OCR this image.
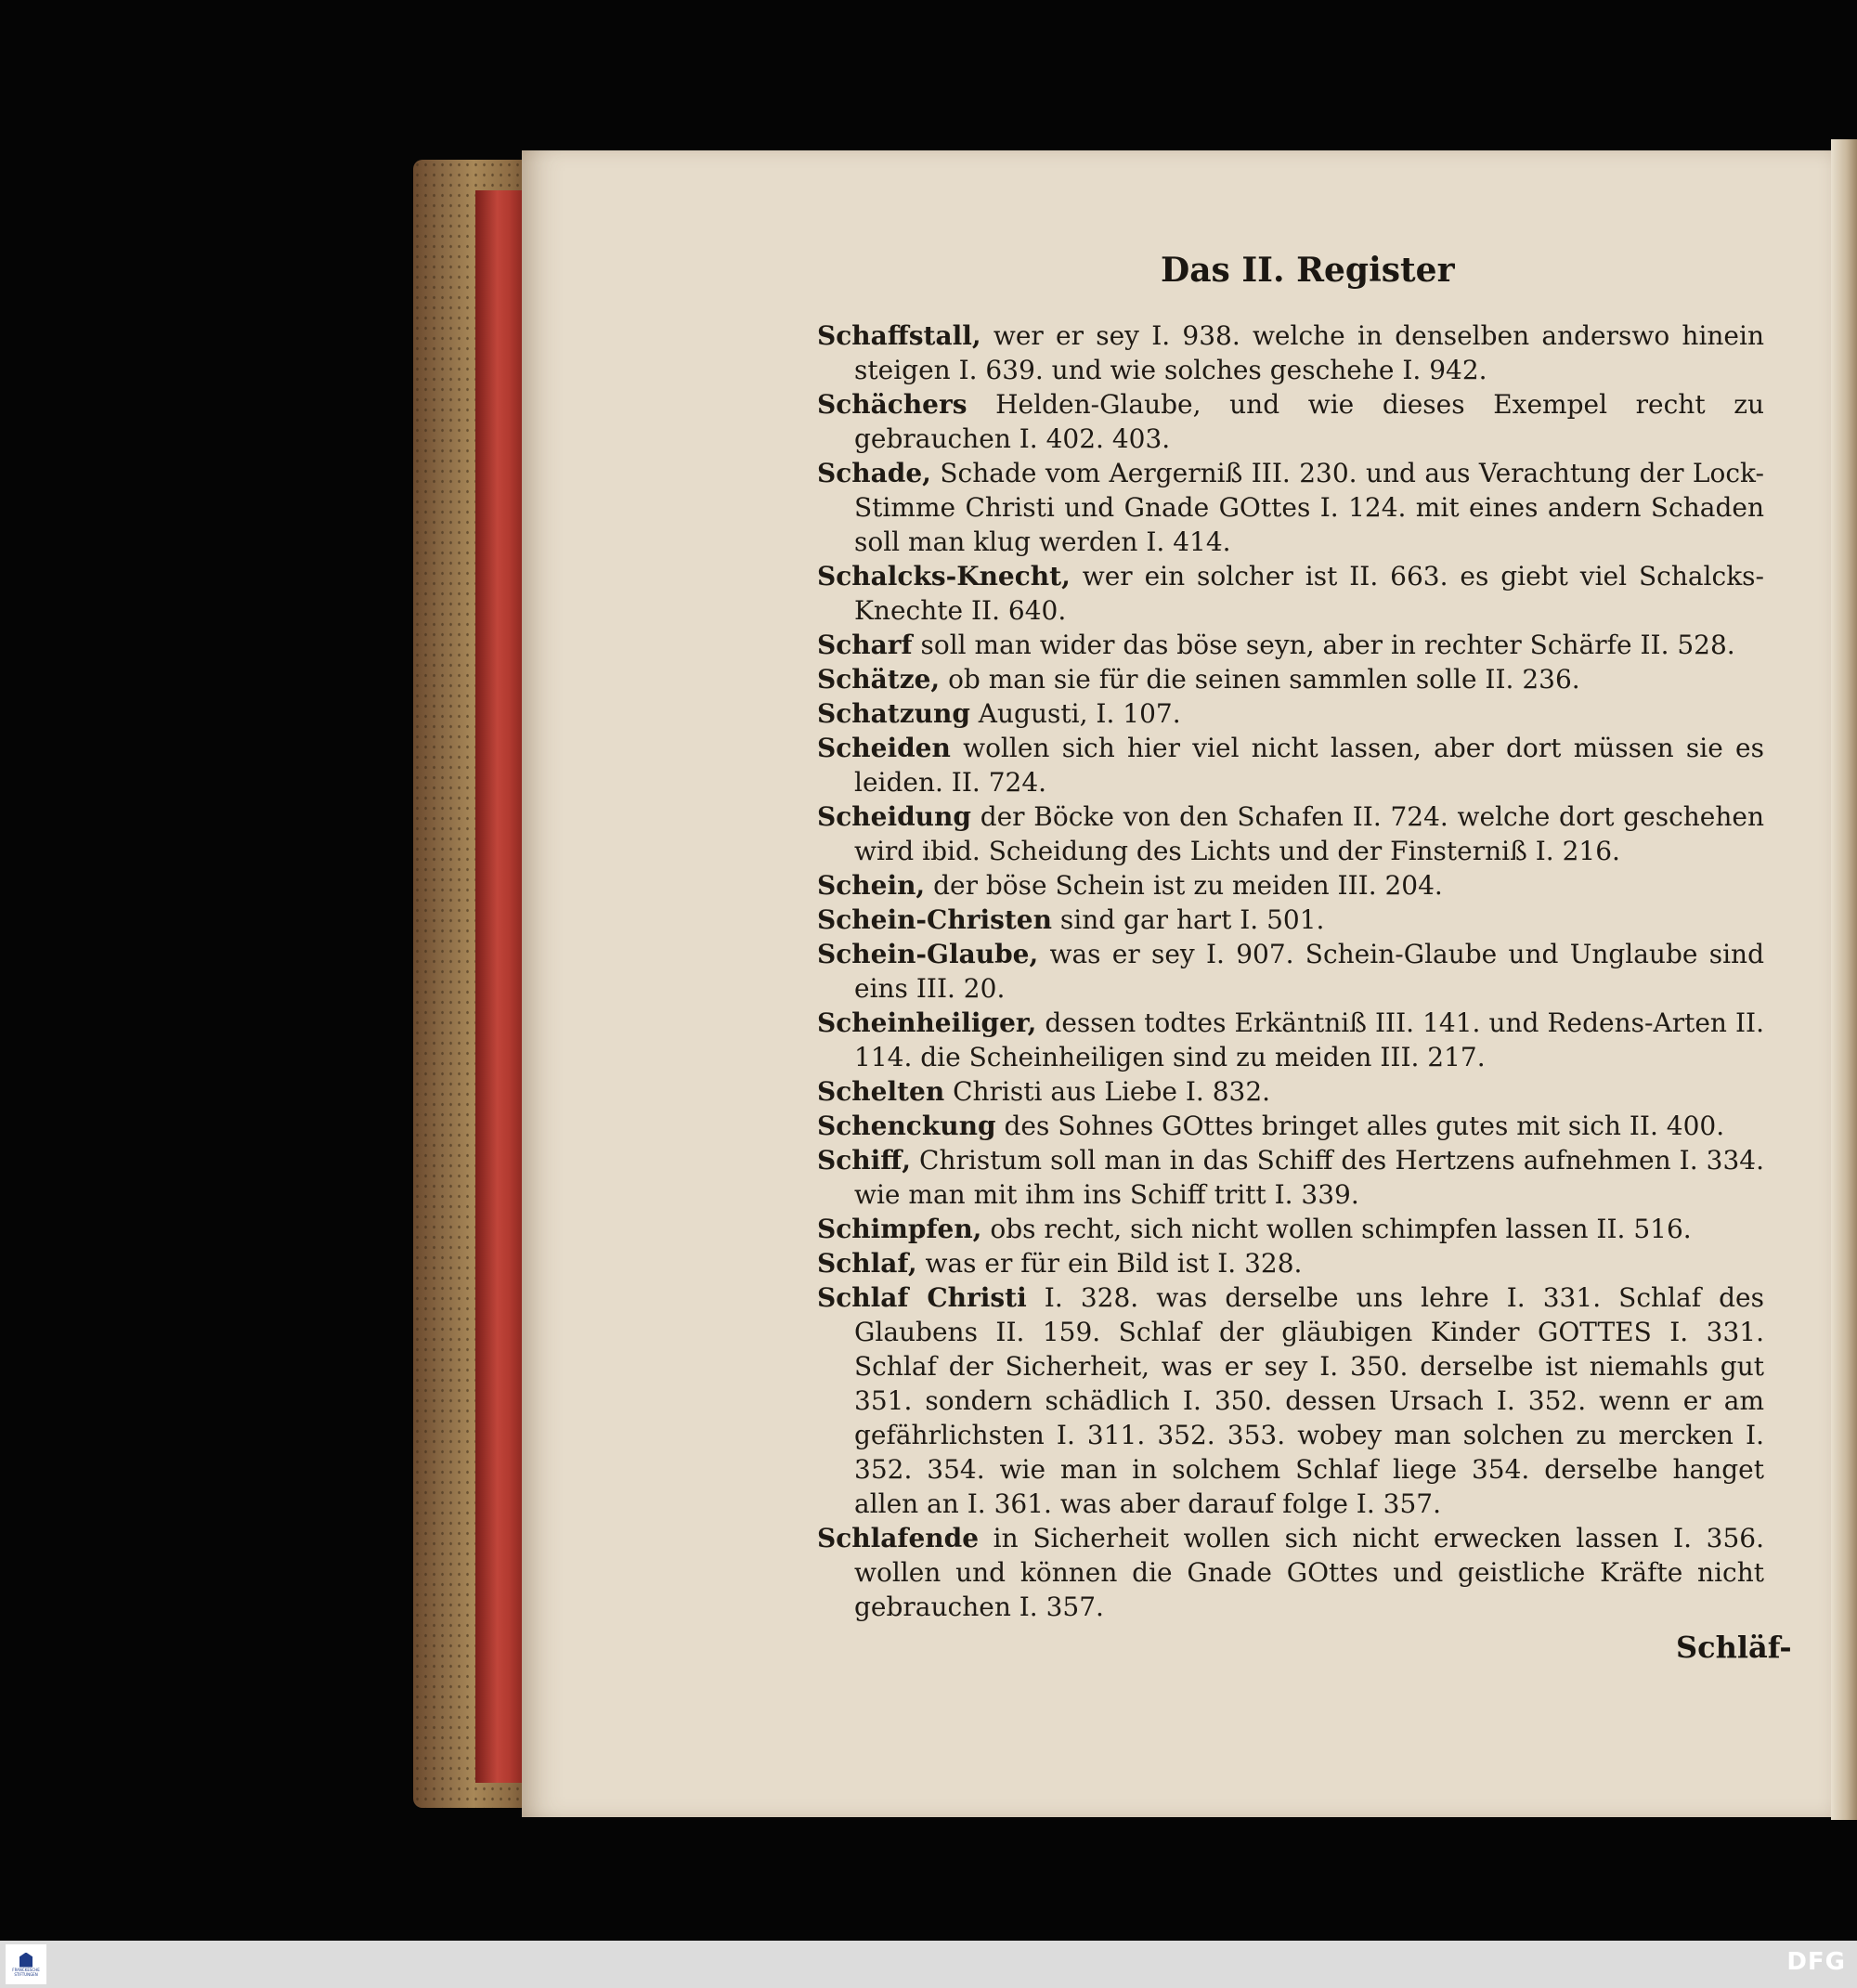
Das II. Register

Schaffstall, wer er sey I. 938. welche in denselben anderswo hinein steigen I. 639. und wie solches geschehe I. 942.

Schächers Helden-Glaube, und wie dieses Exempel recht zu gebrauchen I. 402. 403.

Schade, Schade vom Aergerniß III. 230. und aus Verachtung der Lock-Stimme Christi und Gnade GOttes I. 124. mit eines andern Schaden soll man klug werden I. 414.

Schalcks-Knecht, wer ein solcher ist II. 663. es giebt viel Schalcks-Knechte II. 640.

Scharf soll man wider das böse seyn, aber in rechter Schärfe II. 528.

Schätze, ob man sie für die seinen sammlen solle II. 236.

Schatzung Augusti, I. 107.

Scheiden wollen sich hier viel nicht lassen, aber dort müssen sie es leiden. II. 724.

Scheidung der Böcke von den Schafen II. 724. welche dort geschehen wird ibid. Scheidung des Lichts und der Finsterniß I. 216.

Schein, der böse Schein ist zu meiden III. 204.

Schein-Christen sind gar hart I. 501.

Schein-Glaube, was er sey I. 907. Schein-Glaube und Unglaube sind eins III. 20.

Scheinheiliger, dessen todtes Erkäntniß III. 141. und Redens-Arten II. 114. die Scheinheiligen sind zu meiden III. 217.

Schelten Christi aus Liebe I. 832.

Schenckung des Sohnes GOttes bringet alles gutes mit sich II. 400.

Schiff, Christum soll man in das Schiff des Hertzens aufnehmen I. 334. wie man mit ihm ins Schiff tritt I. 339.

Schimpfen, obs recht, sich nicht wollen schimpfen lassen II. 516.

Schlaf, was er für ein Bild ist I. 328.

Schlaf Christi I. 328. was derselbe uns lehre I. 331. Schlaf des Glaubens II. 159. Schlaf der gläubigen Kinder GOTTES I. 331. Schlaf der Sicherheit, was er sey I. 350. derselbe ist niemahls gut 351. sondern schädlich I. 350. dessen Ursach I. 352. wenn er am gefährlichsten I. 311. 352. 353. wobey man solchen zu mercken I. 352. 354. wie man in solchem Schlaf liege 354. derselbe hanget allen an I. 361. was aber darauf folge I. 357.

Schlafende in Sicherheit wollen sich nicht erwecken lassen I. 356. wollen und können die Gnade GOttes und geistliche Kräfte nicht gebrauchen I. 357.

Schläf-
FRANCKESCHE STIFTUNGEN	DFG
